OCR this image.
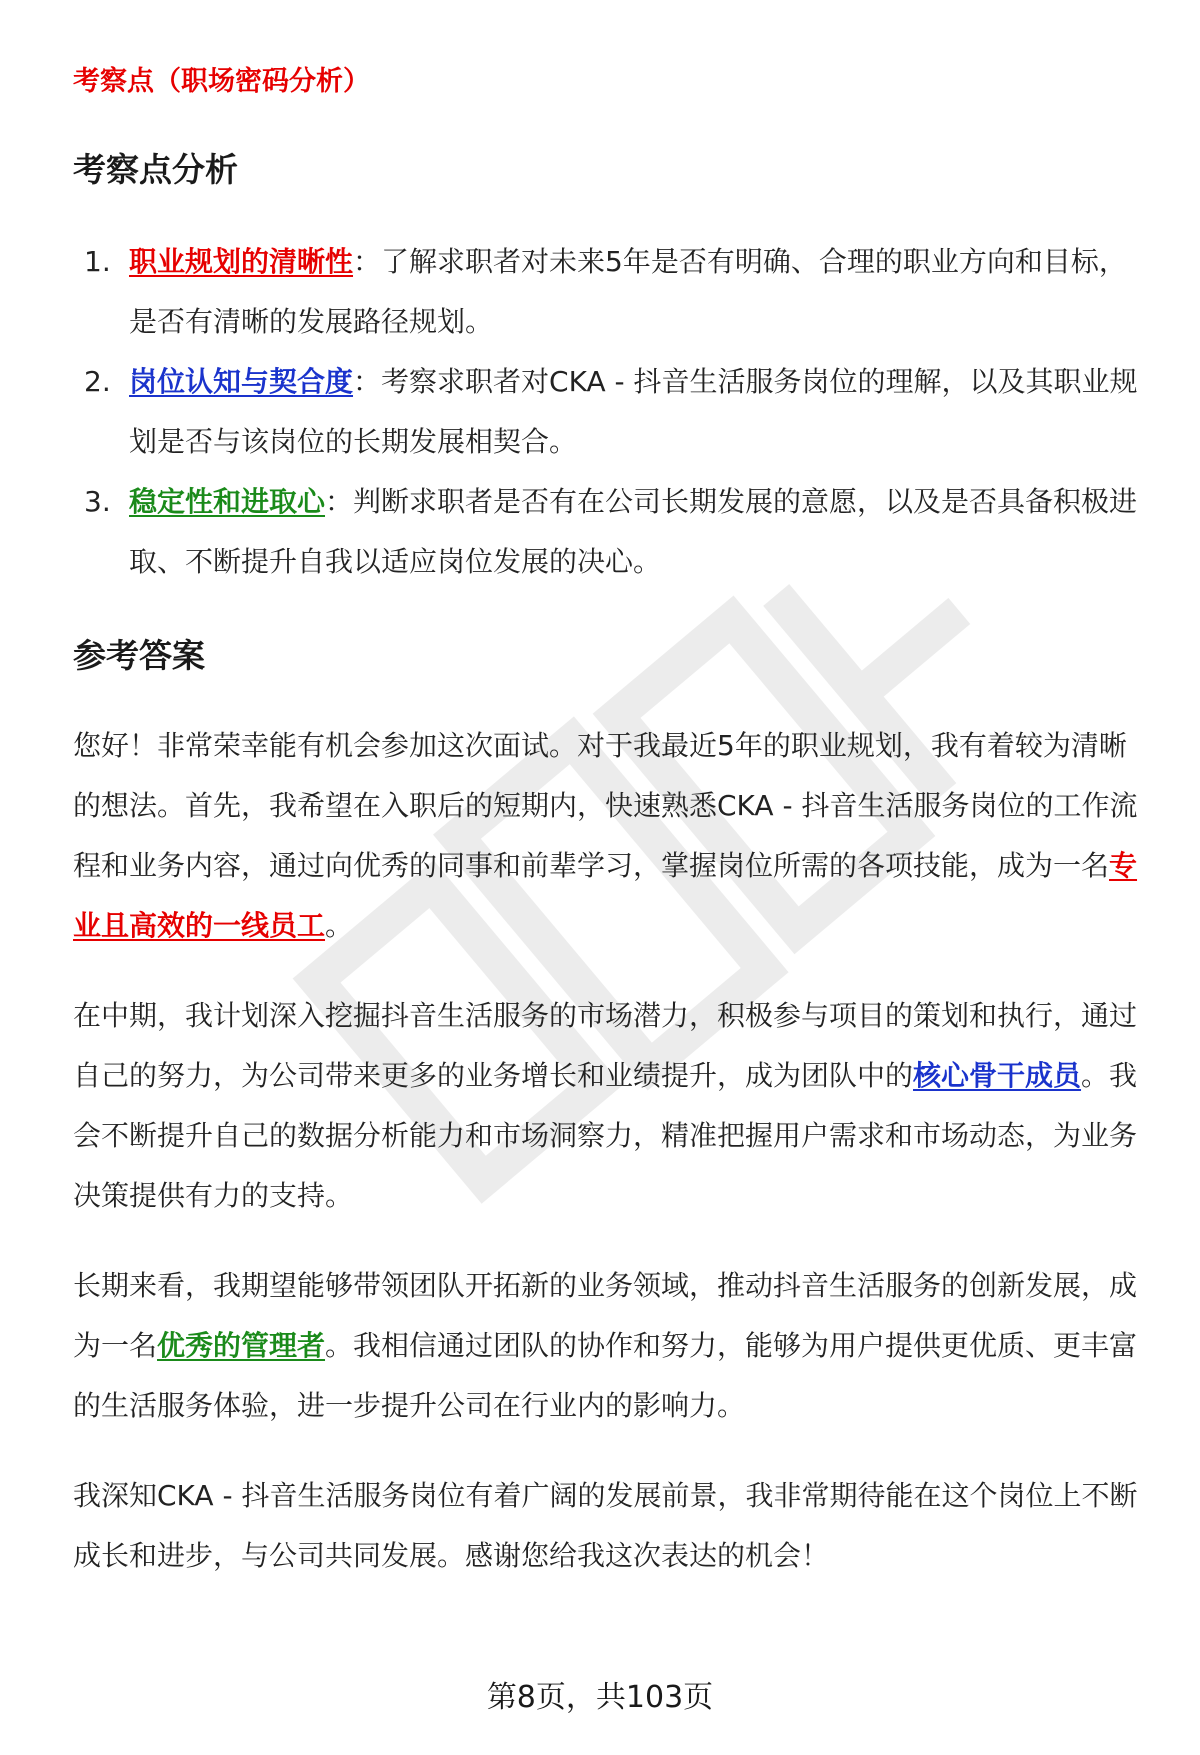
考察点（职场密码分析）
考察点分析
1. 职业规划的清晰性：了解求职者对未来5年是否有明确、合理的职业方向和目标，是否有清晰的发展路径规划。
2. 岗位认知与契合度：考察求职者对CKA - 抖音生活服务岗位的理解，以及其职业规划是否与该岗位的长期发展相契合。
3. 稳定性和进取心：判断求职者是否有在公司长期发展的意愿，以及是否具备积极进取、不断提升自我以适应岗位发展的决心。
参考答案

您好！非常荣幸能有机会参加这次面试。对于我最近5年的职业规划，我有着较为清晰的想法。首先，我希望在入职后的短期内，快速熟悉CKA - 抖音生活服务岗位的工作流程和业务内容，通过向优秀的同事和前辈学习，掌握岗位所需的各项技能，成为一名专业且高效的一线员工。

在中期，我计划深入挖掘抖音生活服务的市场潜力，积极参与项目的策划和执行，通过自己的努力，为公司带来更多的业务增长和业绩提升，成为团队中的核心骨干成员。我会不断提升自己的数据分析能力和市场洞察力，精准把握用户需求和市场动态，为业务决策提供有力的支持。

长期来看，我期望能够带领团队开拓新的业务领域，推动抖音生活服务的创新发展，成为一名优秀的管理者。我相信通过团队的协作和努力，能够为用户提供更优质、更丰富的生活服务体验，进一步提升公司在行业内的影响力。

我深知CKA - 抖音生活服务岗位有着广阔的发展前景，我非常期待能在这个岗位上不断成长和进步，与公司共同发展。感谢您给我这次表达的机会！

第8页，共103页
